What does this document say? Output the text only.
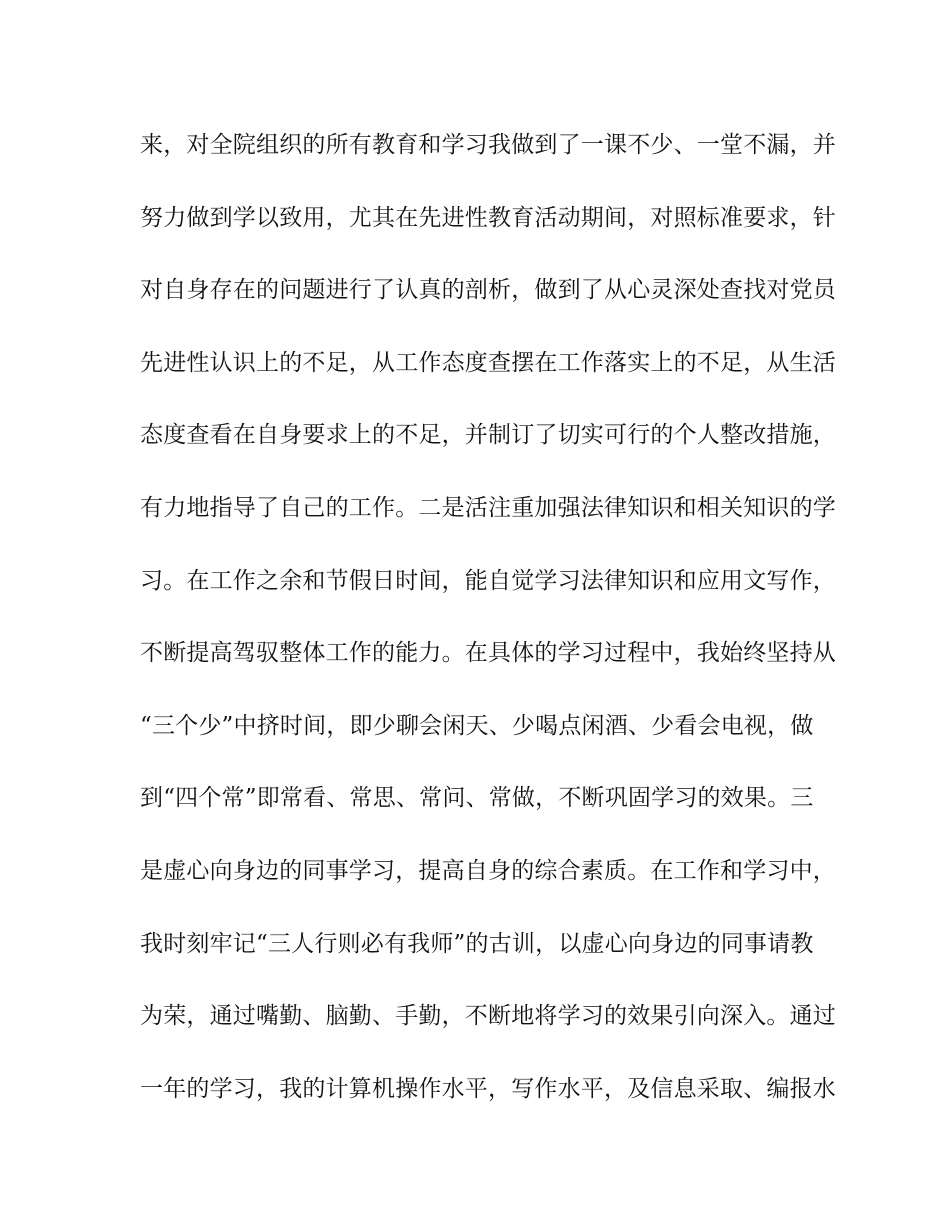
来，对全院组织的所有教育和学习我做到了一课不少、一堂不漏，并
努力做到学以致用，尤其在先进性教育活动期间，对照标准要求，针
对自身存在的问题进行了认真的剖析，做到了从心灵深处查找对党员
先进性认识上的不足，从工作态度查摆在工作落实上的不足，从生活
态度查看在自身要求上的不足，并制订了切实可行的个人整改措施，
有力地指导了自己的工作。二是活注重加强法律知识和相关知识的学
习。在工作之余和节假日时间，能自觉学习法律知识和应用文写作，
不断提高驾驭整体工作的能力。在具体的学习过程中，我始终坚持从
“三个少”中挤时间，即少聊会闲天、少喝点闲酒、少看会电视，做
到“四个常”即常看、常思、常问、常做，不断巩固学习的效果。三
是虚心向身边的同事学习，提高自身的综合素质。在工作和学习中，
我时刻牢记“三人行则必有我师”的古训，以虚心向身边的同事请教
为荣，通过嘴勤、脑勤、手勤，不断地将学习的效果引向深入。通过
一年的学习，我的计算机操作水平，写作水平，及信息采取、编报水
